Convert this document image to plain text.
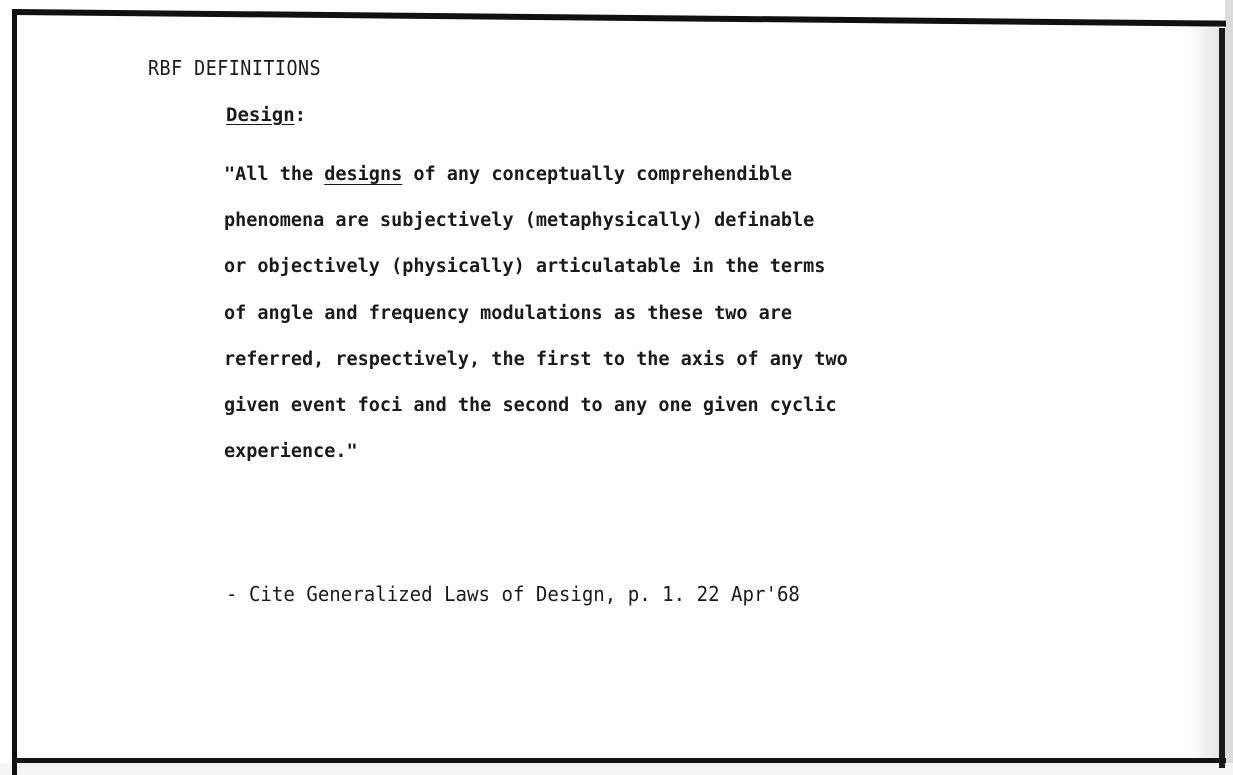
RBF DEFINITIONS
Design:
"All the designs of any conceptually comprehendible
phenomena are subjectively (metaphysically) definable
or objectively (physically) articulatable in the terms
of angle and frequency modulations as these two are
referred, respectively, the first to the axis of any two
given event foci and the second to any one given cyclic
experience."
- Cite Generalized Laws of Design, p. 1. 22 Apr'68
